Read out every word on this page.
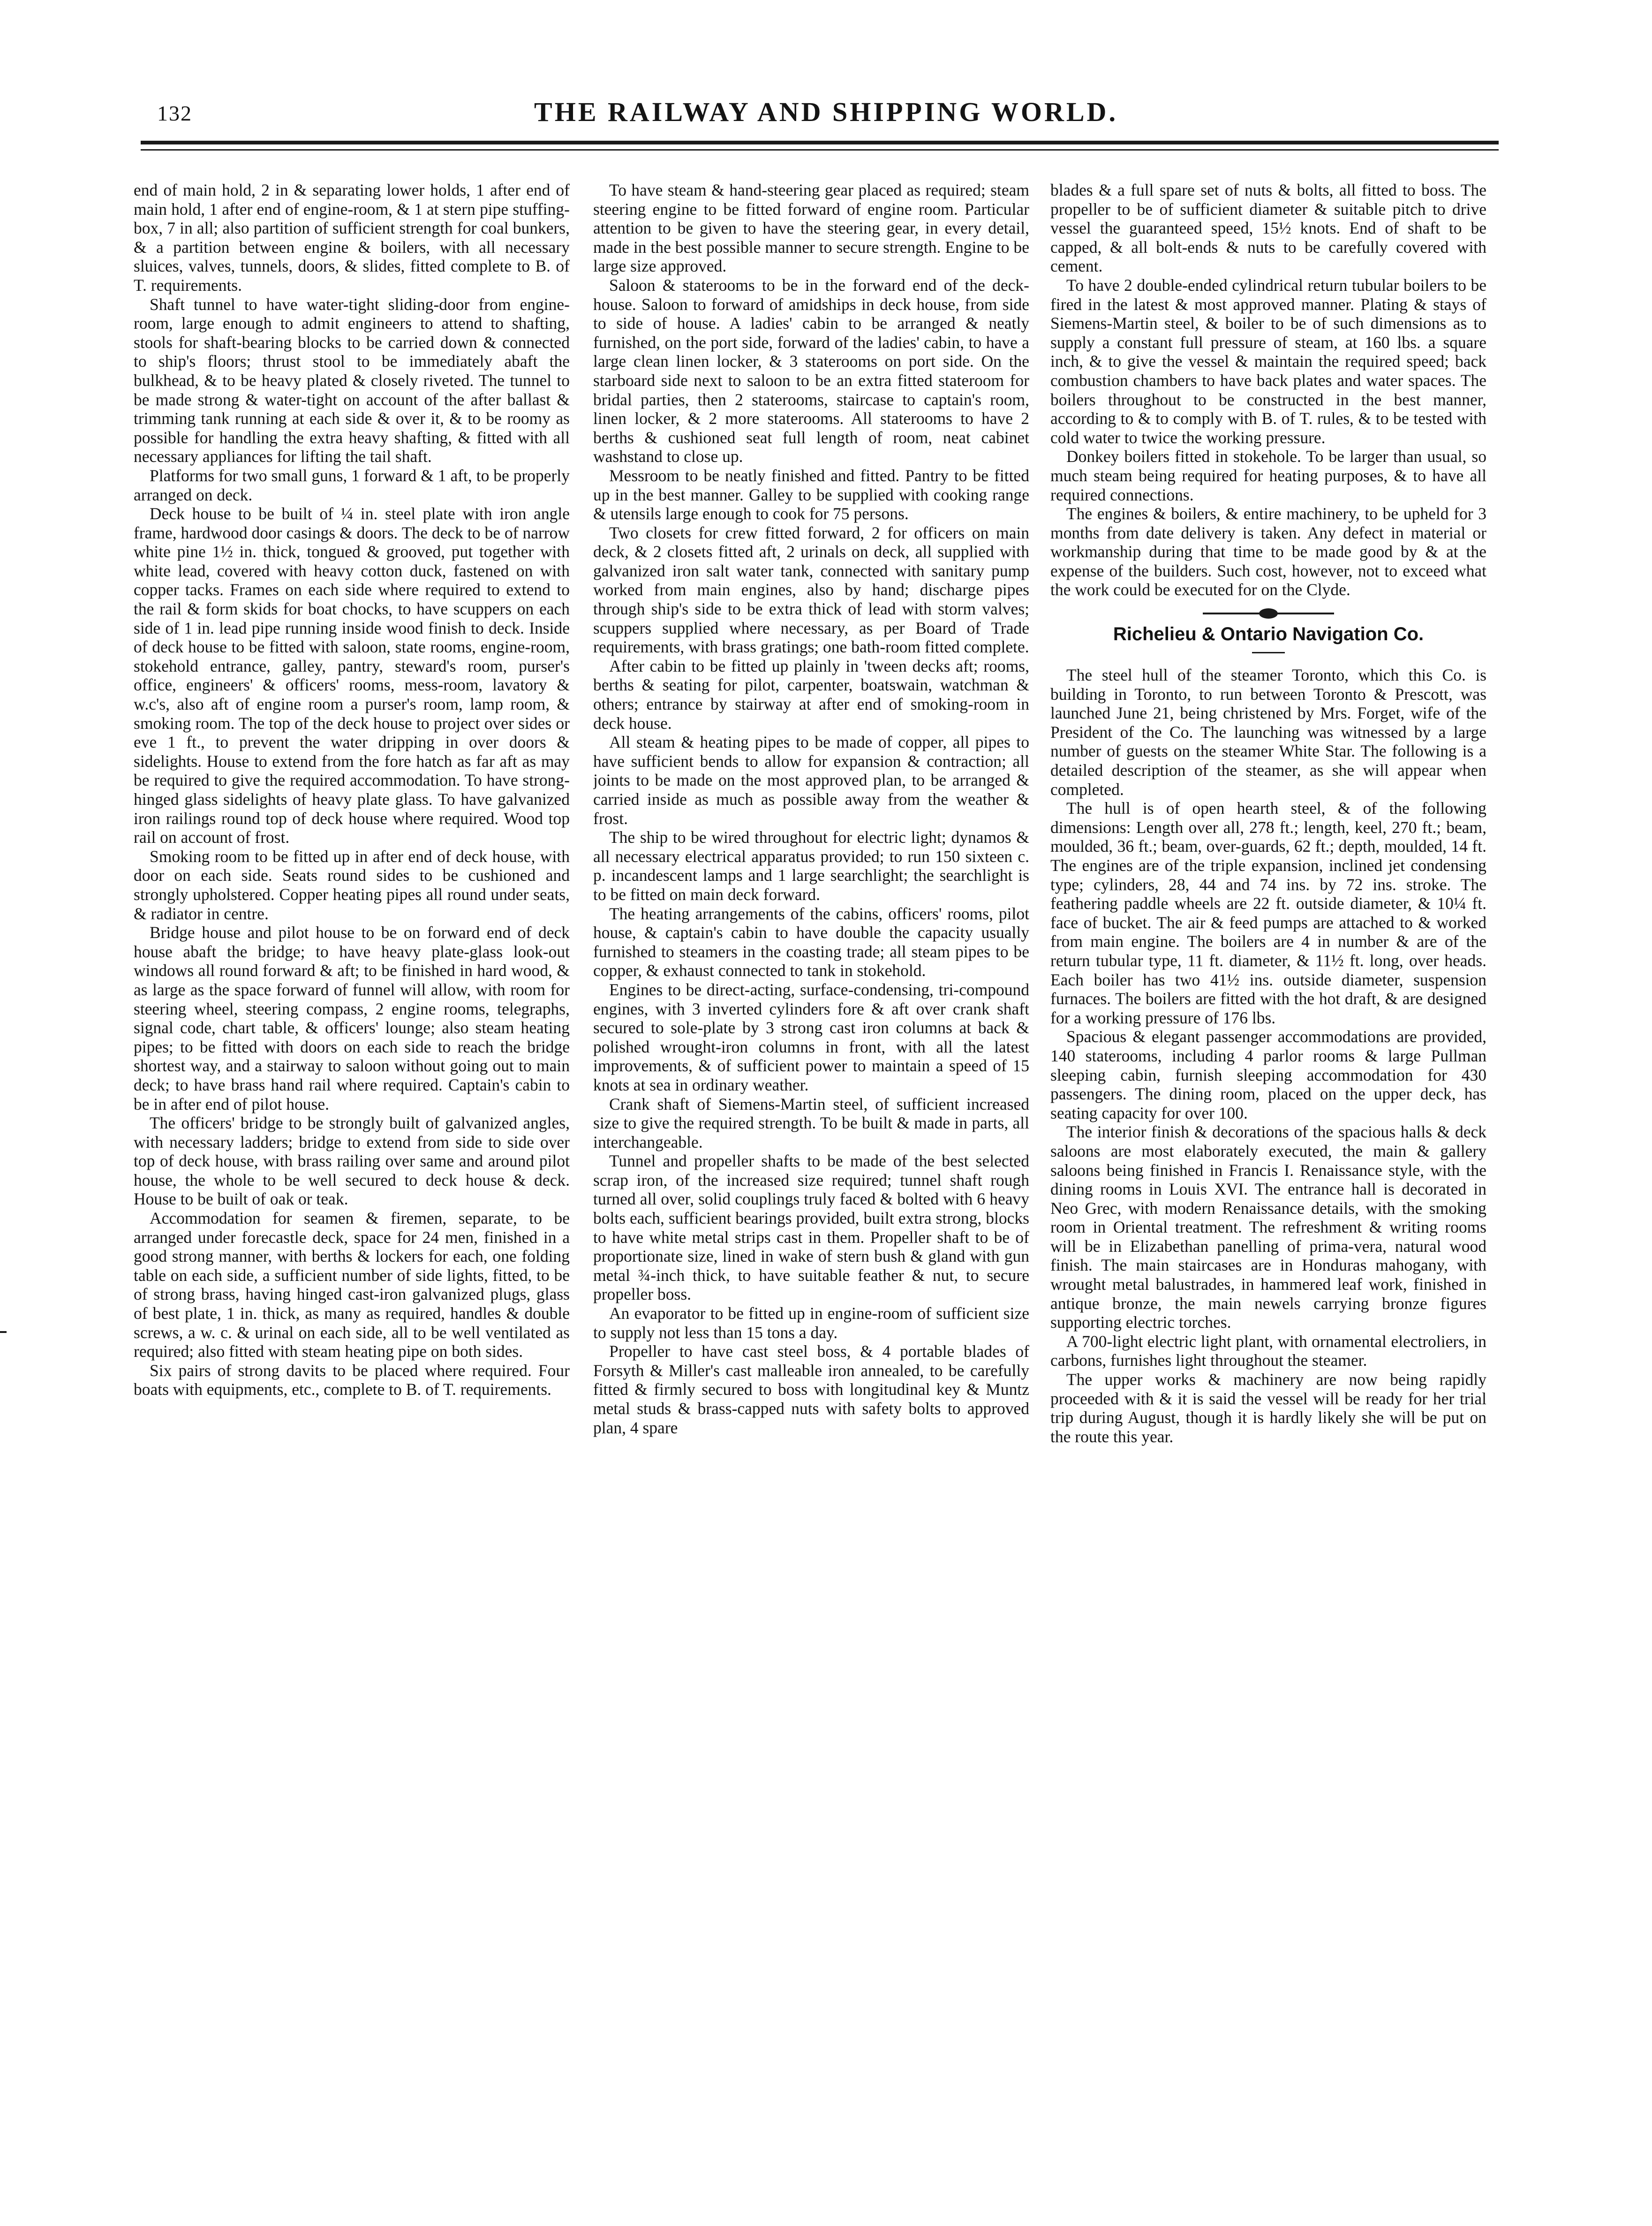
132	THE RAILWAY AND SHIPPING WORLD.

end of main hold, 2 in & separating lower holds, 1 after end of main hold, 1 after end of engine-room, & 1 at stern pipe stuffing-box, 7 in all; also partition of sufficient strength for coal bunkers, & a partition between engine & boilers, with all necessary sluices, valves, tunnels, doors, & slides, fitted complete to B. of T. requirements.

Shaft tunnel to have water-tight sliding-door from engine-room, large enough to admit engineers to attend to shafting, stools for shaft-bearing blocks to be carried down & connected to ship's floors; thrust stool to be immediately abaft the bulkhead, & to be heavy plated & closely riveted. The tunnel to be made strong & water-tight on account of the after ballast & trimming tank running at each side & over it, & to be roomy as possible for handling the extra heavy shafting, & fitted with all necessary appliances for lifting the tail shaft.

Platforms for two small guns, 1 forward & 1 aft, to be properly arranged on deck.

Deck house to be built of ¼ in. steel plate with iron angle frame, hardwood door casings & doors. The deck to be of narrow white pine 1½ in. thick, tongued & grooved, put together with white lead, covered with heavy cotton duck, fastened on with copper tacks. Frames on each side where required to extend to the rail & form skids for boat chocks, to have scuppers on each side of 1 in. lead pipe running inside wood finish to deck. Inside of deck house to be fitted with saloon, state rooms, engine-room, stokehold entrance, galley, pantry, steward's room, purser's office, engineers' & officers' rooms, mess-room, lavatory & w.c's, also aft of engine room a purser's room, lamp room, & smoking room. The top of the deck house to project over sides or eve 1 ft., to prevent the water dripping in over doors & sidelights. House to extend from the fore hatch as far aft as may be required to give the required accommodation. To have strong-hinged glass sidelights of heavy plate glass. To have galvanized iron railings round top of deck house where required. Wood top rail on account of frost.

Smoking room to be fitted up in after end of deck house, with door on each side. Seats round sides to be cushioned and strongly upholstered. Copper heating pipes all round under seats, & radiator in centre.

Bridge house and pilot house to be on forward end of deck house abaft the bridge; to have heavy plate-glass look-out windows all round forward & aft; to be finished in hard wood, & as large as the space forward of funnel will allow, with room for steering wheel, steering compass, 2 engine rooms, telegraphs, signal code, chart table, & officers' lounge; also steam heating pipes; to be fitted with doors on each side to reach the bridge shortest way, and a stairway to saloon without going out to main deck; to have brass hand rail where required. Captain's cabin to be in after end of pilot house.

The officers' bridge to be strongly built of galvanized angles, with necessary ladders; bridge to extend from side to side over top of deck house, with brass railing over same and around pilot house, the whole to be well secured to deck house & deck. House to be built of oak or teak.

Accommodation for seamen & firemen, separate, to be arranged under forecastle deck, space for 24 men, finished in a good strong manner, with berths & lockers for each, one folding table on each side, a sufficient number of side lights, fitted, to be of strong brass, having hinged cast-iron galvanized plugs, glass of best plate, 1 in. thick, as many as required, handles & double screws, a w. c. & urinal on each side, all to be well ventilated as required; also fitted with steam heating pipe on both sides.

Six pairs of strong davits to be placed where required. Four boats with equipments, etc., complete to B. of T. requirements.

To have steam & hand-steering gear placed as required; steam steering engine to be fitted forward of engine room. Particular attention to be given to have the steering gear, in every detail, made in the best possible manner to secure strength. Engine to be large size approved.

Saloon & staterooms to be in the forward end of the deck-house. Saloon to forward of amidships in deck house, from side to side of house. A ladies' cabin to be arranged & neatly furnished, on the port side, forward of the ladies' cabin, to have a large clean linen locker, & 3 staterooms on port side. On the starboard side next to saloon to be an extra fitted stateroom for bridal parties, then 2 staterooms, staircase to captain's room, linen locker, & 2 more staterooms. All staterooms to have 2 berths & cushioned seat full length of room, neat cabinet washstand to close up.

Messroom to be neatly finished and fitted. Pantry to be fitted up in the best manner. Galley to be supplied with cooking range & utensils large enough to cook for 75 persons.

Two closets for crew fitted forward, 2 for officers on main deck, & 2 closets fitted aft, 2 urinals on deck, all supplied with galvanized iron salt water tank, connected with sanitary pump worked from main engines, also by hand; discharge pipes through ship's side to be extra thick of lead with storm valves; scuppers supplied where necessary, as per Board of Trade requirements, with brass gratings; one bath-room fitted complete.

After cabin to be fitted up plainly in 'tween decks aft; rooms, berths & seating for pilot, carpenter, boatswain, watchman & others; entrance by stairway at after end of smoking-room in deck house.

All steam & heating pipes to be made of copper, all pipes to have sufficient bends to allow for expansion & contraction; all joints to be made on the most approved plan, to be arranged & carried inside as much as possible away from the weather & frost.

The ship to be wired throughout for electric light; dynamos & all necessary electrical apparatus provided; to run 150 sixteen c. p. incandescent lamps and 1 large searchlight; the searchlight is to be fitted on main deck forward.

The heating arrangements of the cabins, officers' rooms, pilot house, & captain's cabin to have double the capacity usually furnished to steamers in the coasting trade; all steam pipes to be copper, & exhaust connected to tank in stokehold.

Engines to be direct-acting, surface-condensing, tri-compound engines, with 3 inverted cylinders fore & aft over crank shaft secured to sole-plate by 3 strong cast iron columns at back & polished wrought-iron columns in front, with all the latest improvements, & of sufficient power to maintain a speed of 15 knots at sea in ordinary weather.

Crank shaft of Siemens-Martin steel, of sufficient increased size to give the required strength. To be built & made in parts, all interchangeable.

Tunnel and propeller shafts to be made of the best selected scrap iron, of the increased size required; tunnel shaft rough turned all over, solid couplings truly faced & bolted with 6 heavy bolts each, sufficient bearings provided, built extra strong, blocks to have white metal strips cast in them. Propeller shaft to be of proportionate size, lined in wake of stern bush & gland with gun metal ¾-inch thick, to have suitable feather & nut, to secure propeller boss.

An evaporator to be fitted up in engine-room of sufficient size to supply not less than 15 tons a day.

Propeller to have cast steel boss, & 4 portable blades of Forsyth & Miller's cast malleable iron annealed, to be carefully fitted & firmly secured to boss with longitudinal key & Muntz metal studs & brass-capped nuts with safety bolts to approved plan, 4 spare

blades & a full spare set of nuts & bolts, all fitted to boss. The propeller to be of sufficient diameter & suitable pitch to drive vessel the guaranteed speed, 15½ knots. End of shaft to be capped, & all bolt-ends & nuts to be carefully covered with cement.

To have 2 double-ended cylindrical return tubular boilers to be fired in the latest & most approved manner. Plating & stays of Siemens-Martin steel, & boiler to be of such dimensions as to supply a constant full pressure of steam, at 160 lbs. a square inch, & to give the vessel & maintain the required speed; back combustion chambers to have back plates and water spaces. The boilers throughout to be constructed in the best manner, according to & to comply with B. of T. rules, & to be tested with cold water to twice the working pressure.

Donkey boilers fitted in stokehole. To be larger than usual, so much steam being required for heating purposes, & to have all required connections.

The engines & boilers, & entire machinery, to be upheld for 3 months from date delivery is taken. Any defect in material or workmanship during that time to be made good by & at the expense of the builders. Such cost, however, not to exceed what the work could be executed for on the Clyde.

Richelieu & Ontario Navigation Co.

The steel hull of the steamer Toronto, which this Co. is building in Toronto, to run between Toronto & Prescott, was launched June 21, being christened by Mrs. Forget, wife of the President of the Co. The launching was witnessed by a large number of guests on the steamer White Star. The following is a detailed description of the steamer, as she will appear when completed.

The hull is of open hearth steel, & of the following dimensions: Length over all, 278 ft.; length, keel, 270 ft.; beam, moulded, 36 ft.; beam, over-guards, 62 ft.; depth, moulded, 14 ft. The engines are of the triple expansion, inclined jet condensing type; cylinders, 28, 44 and 74 ins. by 72 ins. stroke. The feathering paddle wheels are 22 ft. outside diameter, & 10¼ ft. face of bucket. The air & feed pumps are attached to & worked from main engine. The boilers are 4 in number & are of the return tubular type, 11 ft. diameter, & 11½ ft. long, over heads. Each boiler has two 41½ ins. outside diameter, suspension furnaces. The boilers are fitted with the hot draft, & are designed for a working pressure of 176 lbs.

Spacious & elegant passenger accommodations are provided, 140 staterooms, including 4 parlor rooms & large Pullman sleeping cabin, furnish sleeping accommodation for 430 passengers. The dining room, placed on the upper deck, has seating capacity for over 100.

The interior finish & decorations of the spacious halls & deck saloons are most elaborately executed, the main & gallery saloons being finished in Francis I. Renaissance style, with the dining rooms in Louis XVI. The entrance hall is decorated in Neo Grec, with modern Renaissance details, with the smoking room in Oriental treatment. The refreshment & writing rooms will be in Elizabethan panelling of prima-vera, natural wood finish. The main staircases are in Honduras mahogany, with wrought metal balustrades, in hammered leaf work, finished in antique bronze, the main newels carrying bronze figures supporting electric torches.

A 700-light electric light plant, with ornamental electroliers, in carbons, furnishes light throughout the steamer.

The upper works & machinery are now being rapidly proceeded with & it is said the vessel will be ready for her trial trip during August, though it is hardly likely she will be put on the route this year.
